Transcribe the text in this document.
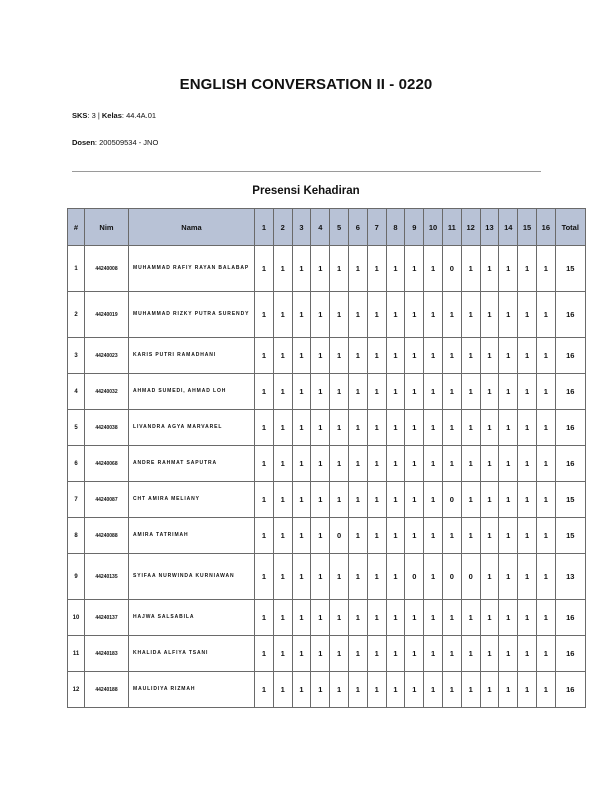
ENGLISH CONVERSATION II - 0220
SKS: 3 | Kelas: 44.4A.01
Dosen: 200509534 - JNO
Presensi Kehadiran
#	Nim	Nama	1	2	3	4	5	6	7	8	9	10	11	12	13	14	15	16	Total
1	44240008	MUHAMMAD RAFIY RAYAN BALABAP	1	1	1	1	1	1	1	1	1	1	0	1	1	1	1	1	15
2	44240019	MUHAMMAD RIZKY PUTRA SURENDY	1	1	1	1	1	1	1	1	1	1	1	1	1	1	1	1	16
3	44240023	KARIS PUTRI RAMADHANI	1	1	1	1	1	1	1	1	1	1	1	1	1	1	1	1	16
4	44240032	AHMAD SUMEDI, AHMAD LOH	1	1	1	1	1	1	1	1	1	1	1	1	1	1	1	1	16
5	44240038	LIVANDRA AGYA MARVAREL	1	1	1	1	1	1	1	1	1	1	1	1	1	1	1	1	16
6	44240068	ANDRE RAHMAT SAPUTRA	1	1	1	1	1	1	1	1	1	1	1	1	1	1	1	1	16
7	44240087	CHT AMIRA MELIANY	1	1	1	1	1	1	1	1	1	1	0	1	1	1	1	1	15
8	44240088	AMIRA TATRIMAH	1	1	1	1	0	1	1	1	1	1	1	1	1	1	1	1	15
9	44240135	SYIFAA NURWINDA KURNIAWAN	1	1	1	1	1	1	1	1	0	1	0	0	1	1	1	1	13
10	44240137	HAJWA SALSABILA	1	1	1	1	1	1	1	1	1	1	1	1	1	1	1	1	16
11	44240183	KHALIDA ALFIYA TSANI	1	1	1	1	1	1	1	1	1	1	1	1	1	1	1	1	16
12	44240188	MAULIDIYA RIZMAH	1	1	1	1	1	1	1	1	1	1	1	1	1	1	1	1	16
